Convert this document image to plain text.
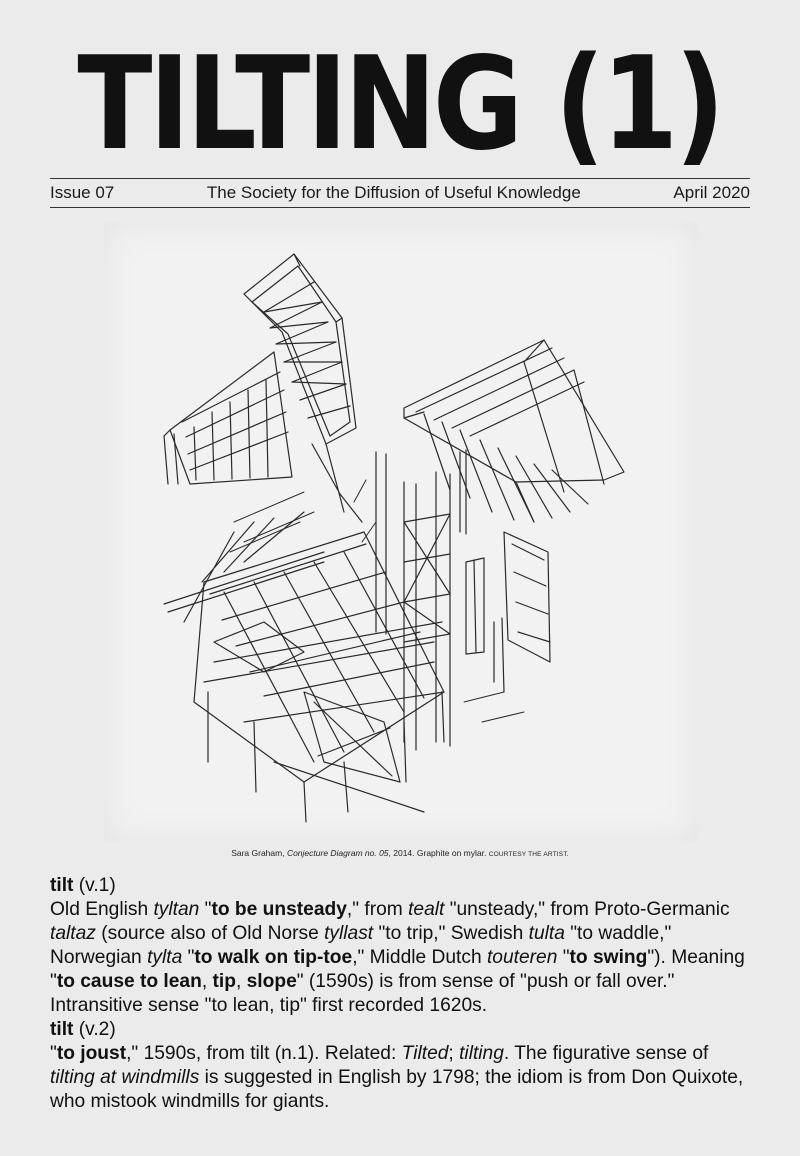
TILTING (1)
Issue 07	The Society for the Diffusion of Useful Knowledge	April 2020
Sara Graham, Conjecture Diagram no. 05, 2014. Graphite on mylar. COURTESY THE ARTIST.
tilt (v.1)
Old English tyltan "to be unsteady," from tealt "unsteady," from Proto-Germanic taltaz (source also of Old Norse tyllast "to trip," Swedish tulta "to waddle," Norwegian tylta "to walk on tip-toe," Middle Dutch touteren "to swing"). Meaning "to cause to lean, tip, slope" (1590s) is from sense of "push or fall over." Intransitive sense "to lean, tip" first recorded 1620s.
tilt (v.2)
"to joust," 1590s, from tilt (n.1). Related: Tilted; tilting. The figurative sense of tilting at windmills is suggested in English by 1798; the idiom is from Don Quixote, who mistook windmills for giants.
